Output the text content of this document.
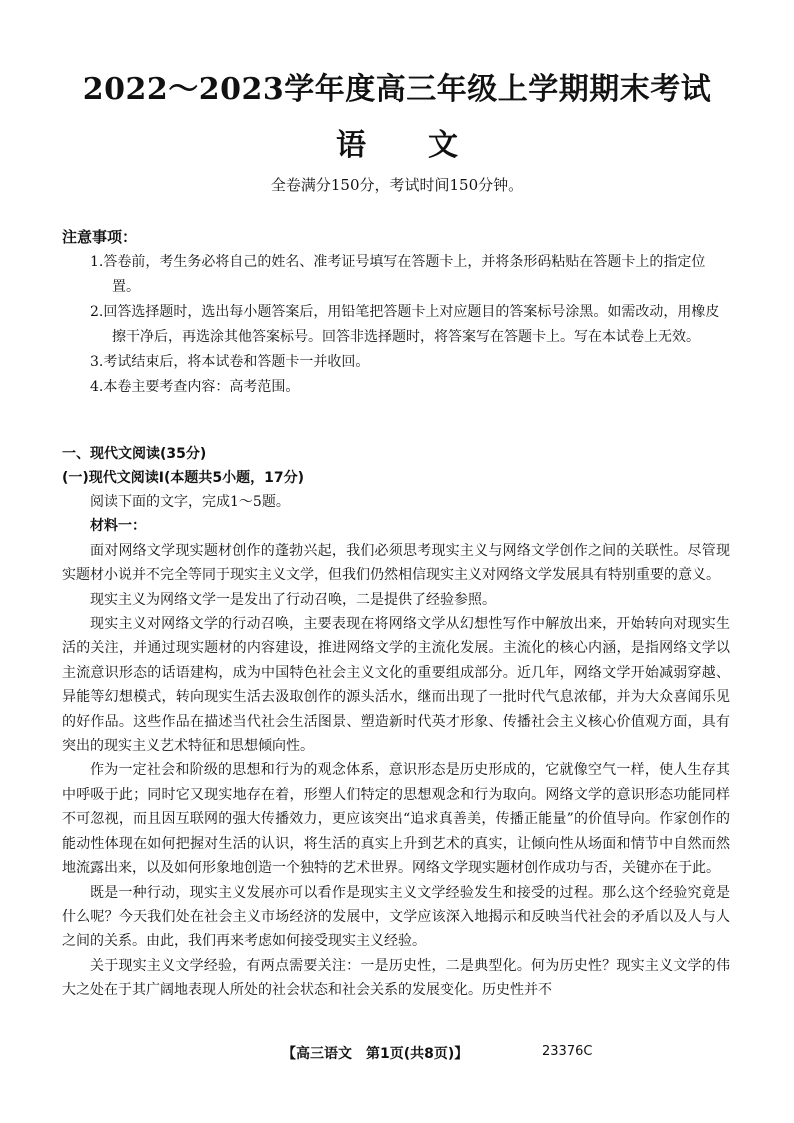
2022～2023学年度高三年级上学期期末考试
语文
全卷满分150分，考试时间150分钟。
注意事项：

1.答卷前，考生务必将自己的姓名、准考证号填写在答题卡上，并将条形码粘贴在答题卡上的指定位置。

2.回答选择题时，选出每小题答案后，用铅笔把答题卡上对应题目的答案标号涂黑。如需改动，用橡皮擦干净后，再选涂其他答案标号。回答非选择题时，将答案写在答题卡上。写在本试卷上无效。

3.考试结束后，将本试卷和答题卡一并收回。

4.本卷主要考查内容：高考范围。

一、现代文阅读(35分)
(一)现代文阅读Ⅰ(本题共5小题，17分)

阅读下面的文字，完成1～5题。

材料一：

面对网络文学现实题材创作的蓬勃兴起，我们必须思考现实主义与网络文学创作之间的关联性。尽管现实题材小说并不完全等同于现实主义文学，但我们仍然相信现实主义对网络文学发展具有特别重要的意义。

现实主义为网络文学一是发出了行动召唤，二是提供了经验参照。

现实主义对网络文学的行动召唤，主要表现在将网络文学从幻想性写作中解放出来，开始转向对现实生活的关注，并通过现实题材的内容建设，推进网络文学的主流化发展。主流化的核心内涵，是指网络文学以主流意识形态的话语建构，成为中国特色社会主义文化的重要组成部分。近几年，网络文学开始减弱穿越、异能等幻想模式，转向现实生活去汲取创作的源头活水，继而出现了一批时代气息浓郁，并为大众喜闻乐见的好作品。这些作品在描述当代社会生活图景、塑造新时代英才形象、传播社会主义核心价值观方面，具有突出的现实主义艺术特征和思想倾向性。

作为一定社会和阶级的思想和行为的观念体系，意识形态是历史形成的，它就像空气一样，使人生存其中呼吸于此；同时它又现实地存在着，形塑人们特定的思想观念和行为取向。网络文学的意识形态功能同样不可忽视，而且因互联网的强大传播效力，更应该突出“追求真善美，传播正能量”的价值导向。作家创作的能动性体现在如何把握对生活的认识，将生活的真实上升到艺术的真实，让倾向性从场面和情节中自然而然地流露出来，以及如何形象地创造一个独特的艺术世界。网络文学现实题材创作成功与否，关键亦在于此。

既是一种行动，现实主义发展亦可以看作是现实主义文学经验发生和接受的过程。那么这个经验究竟是什么呢？今天我们处在社会主义市场经济的发展中，文学应该深入地揭示和反映当代社会的矛盾以及人与人之间的关系。由此，我们再来考虑如何接受现实主义经验。

关于现实主义文学经验，有两点需要关注：一是历史性，二是典型化。何为历史性？现实主义文学的伟大之处在于其广阔地表现人所处的社会状态和社会关系的发展变化。历史性并不

【高三语文　第1页(共8页)】	23376C
